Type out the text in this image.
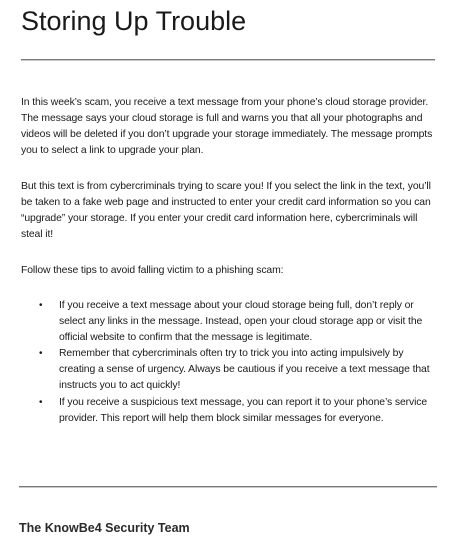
Storing Up Trouble

In this week’s scam, you receive a text message from your phone’s cloud storage provider. The message says your cloud storage is full and warns you that all your photographs and videos will be deleted if you don’t upgrade your storage immediately. The message prompts you to select a link to upgrade your plan.

But this text is from cybercriminals trying to scare you! If you select the link in the text, you’ll be taken to a fake web page and instructed to enter your credit card information so you can “upgrade” your storage. If you enter your credit card information here, cybercriminals will steal it!

Follow these tips to avoid falling victim to a phishing scam:

• If you receive a text message about your cloud storage being full, don’t reply or select any links in the message. Instead, open your cloud storage app or visit the official website to confirm that the message is legitimate.
• Remember that cybercriminals often try to trick you into acting impulsively by creating a sense of urgency. Always be cautious if you receive a text message that instructs you to act quickly!
• If you receive a suspicious text message, you can report it to your phone’s service provider. This report will help them block similar messages for everyone.

The KnowBe4 Security Team
